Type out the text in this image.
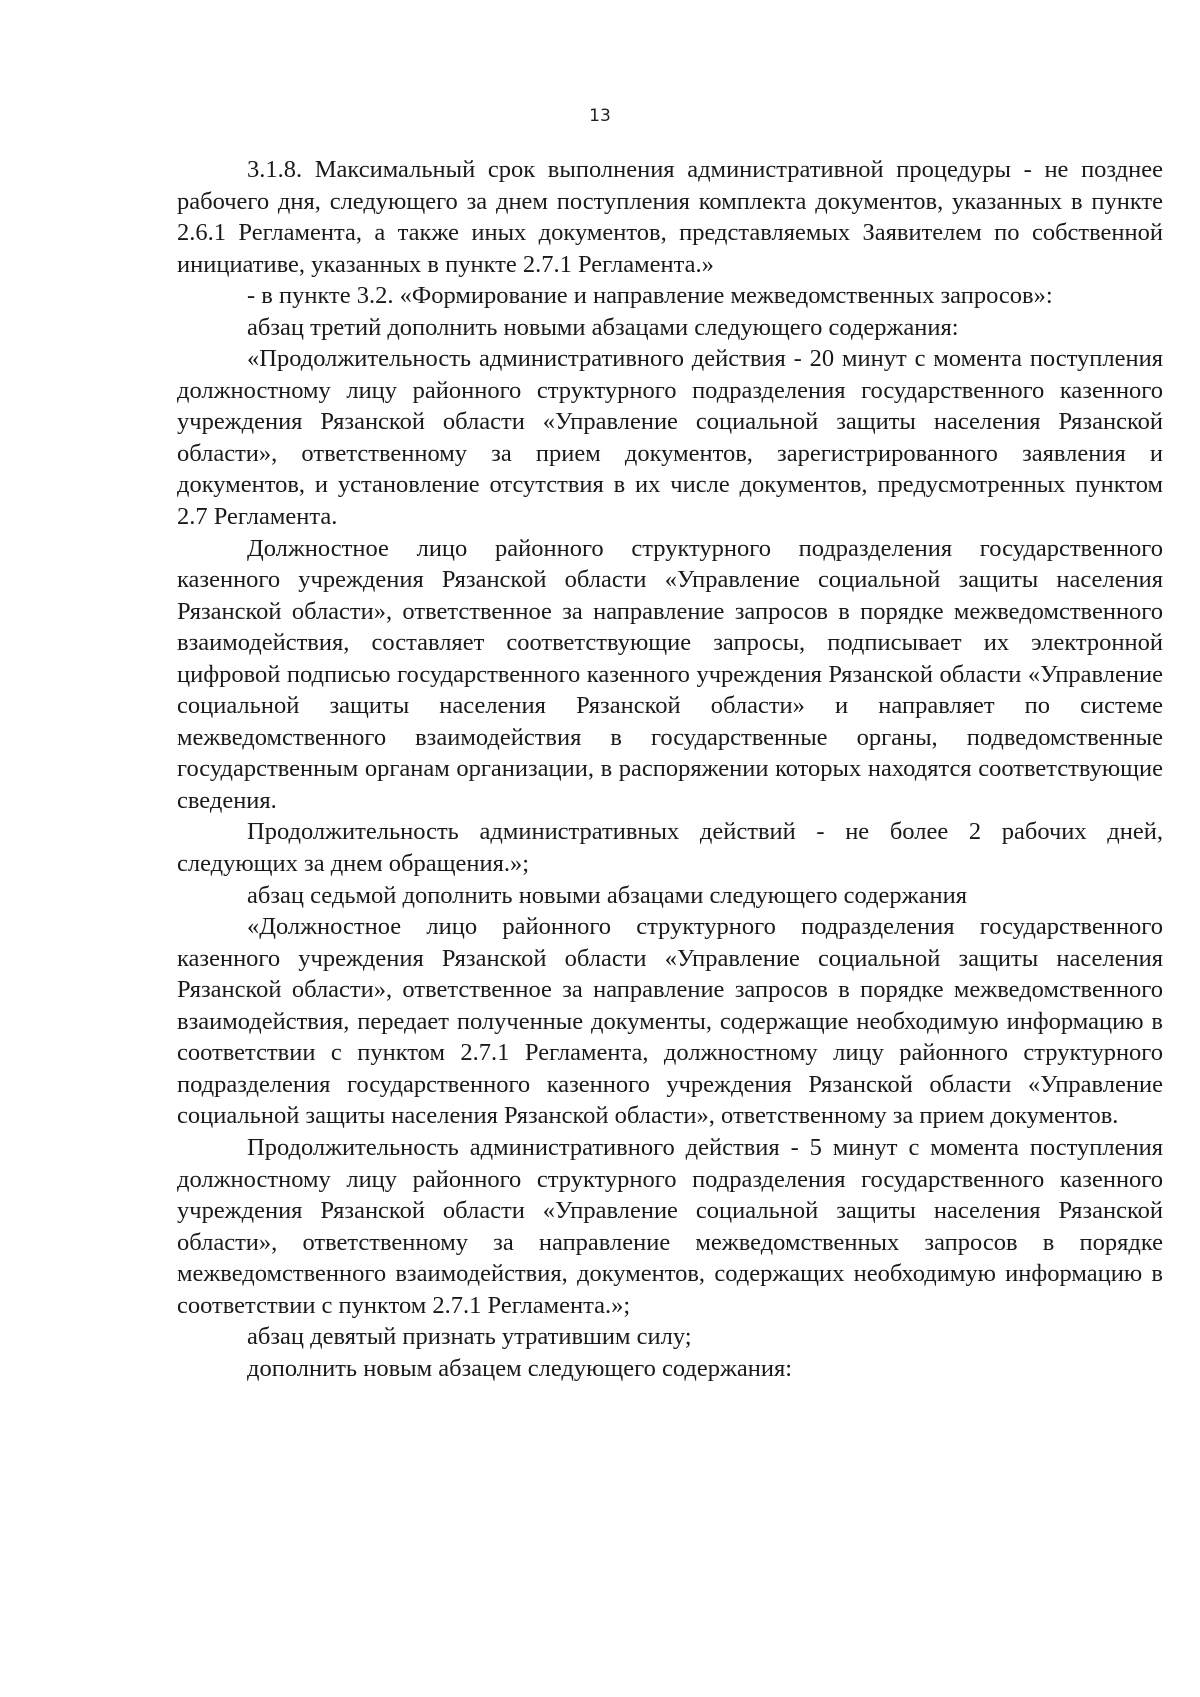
13

3.1.8. Максимальный срок выполнения административной процедуры - не позднее рабочего дня, следующего за днем поступления комплекта документов, указанных в пункте 2.6.1 Регламента, а также иных документов, представляемых Заявителем по собственной инициативе, указанных в пункте 2.7.1 Регламента.»

- в пункте 3.2. «Формирование и направление межведомственных запросов»:

абзац третий дополнить новыми абзацами следующего содержания:

«Продолжительность административного действия - 20 минут с момента поступления должностному лицу районного структурного подразделения государственного казенного учреждения Рязанской области «Управление социальной защиты населения Рязанской области», ответственному за прием документов, зарегистрированного заявления и документов, и установление отсутствия в их числе документов, предусмотренных пунктом 2.7 Регламента.

Должностное лицо районного структурного подразделения государственного казенного учреждения Рязанской области «Управление социальной защиты населения Рязанской области», ответственное за направление запросов в порядке межведомственного взаимодействия, составляет соответствующие запросы, подписывает их электронной цифровой подписью государственного казенного учреждения Рязанской области «Управление социальной защиты населения Рязанской области» и направляет по системе межведомственного взаимодействия в государственные органы, подведомственные государственным органам организации, в распоряжении которых находятся соответствующие сведения.

Продолжительность административных действий - не более 2 рабочих дней, следующих за днем обращения.»;

абзац седьмой дополнить новыми абзацами следующего содержания

«Должностное лицо районного структурного подразделения государственного казенного учреждения Рязанской области «Управление социальной защиты населения Рязанской области», ответственное за направление запросов в порядке межведомственного взаимодействия, передает полученные документы, содержащие необходимую информацию в соответствии с пунктом 2.7.1 Регламента, должностному лицу районного структурного подразделения государственного казенного учреждения Рязанской области «Управление социальной защиты населения Рязанской области», ответственному за прием документов.

Продолжительность административного действия - 5 минут с момента поступления должностному лицу районного структурного подразделения государственного казенного учреждения Рязанской области «Управление социальной защиты населения Рязанской области», ответственному за направление межведомственных запросов в порядке межведомственного взаимодействия, документов, содержащих необходимую информацию в соответствии с пунктом 2.7.1 Регламента.»;

абзац девятый признать утратившим силу;

дополнить новым абзацем следующего содержания:
